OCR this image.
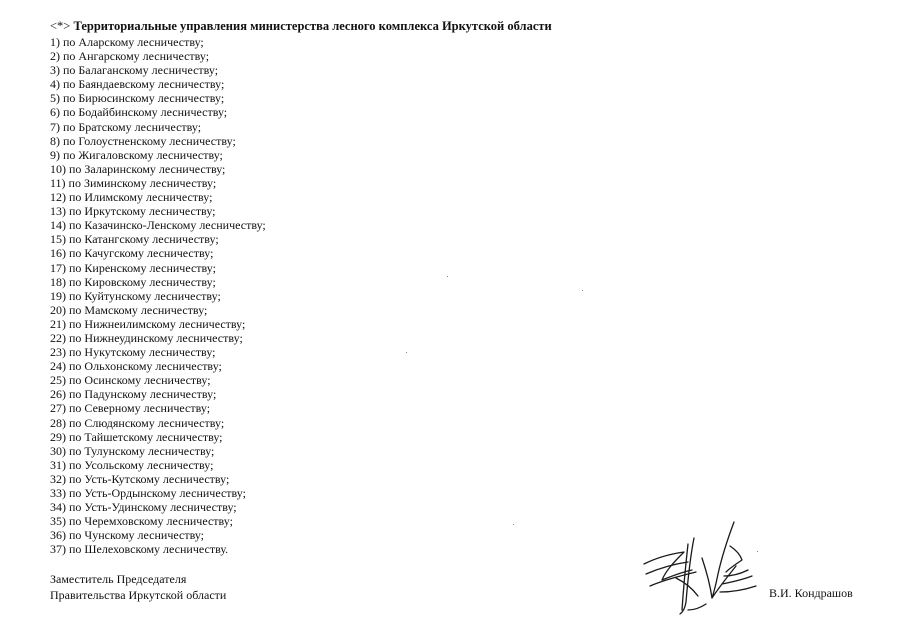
<*> Территориальные управления министерства лесного комплекса Иркутской области
1) по Аларскому лесничеству;
2) по Ангарскому лесничеству;
3) по Балаганскому лесничеству;
4) по Баяндаевскому лесничеству;
5) по Бирюсинскому лесничеству;
6) по Бодайбинскому лесничеству;
7) по Братскому лесничеству;
8) по Голоустненскому лесничеству;
9) по Жигаловскому лесничеству;
10) по Заларинскому лесничеству;
11) по Зиминскому лесничеству;
12) по Илимскому лесничеству;
13) по Иркутскому лесничеству;
14) по Казачинско-Ленскому лесничеству;
15) по Катангскому лесничеству;
16) по Качугскому лесничеству;
17) по Киренскому лесничеству;
18) по Кировскому лесничеству;
19) по Куйтунскому лесничеству;
20) по Мамскому лесничеству;
21) по Нижнеилимскому лесничеству;
22) по Нижнеудинскому лесничеству;
23) по Нукутскому лесничеству;
24) по Ольхонскому лесничеству;
25) по Осинскому лесничеству;
26) по Падунскому лесничеству;
27) по Северному лесничеству;
28) по Слюдянскому лесничеству;
29) по Тайшетскому лесничеству;
30) по Тулунскому лесничеству;
31) по Усольскому лесничеству;
32) по Усть-Кутскому лесничеству;
33) по Усть-Ордынскому лесничеству;
34) по Усть-Удинскому лесничеству;
35) по Черемховскому лесничеству;
36) по Чунскому лесничеству;
37) по Шелеховскому лесничеству.
Заместитель Председателя
Правительства Иркутской области	В.И. Кондрашов
